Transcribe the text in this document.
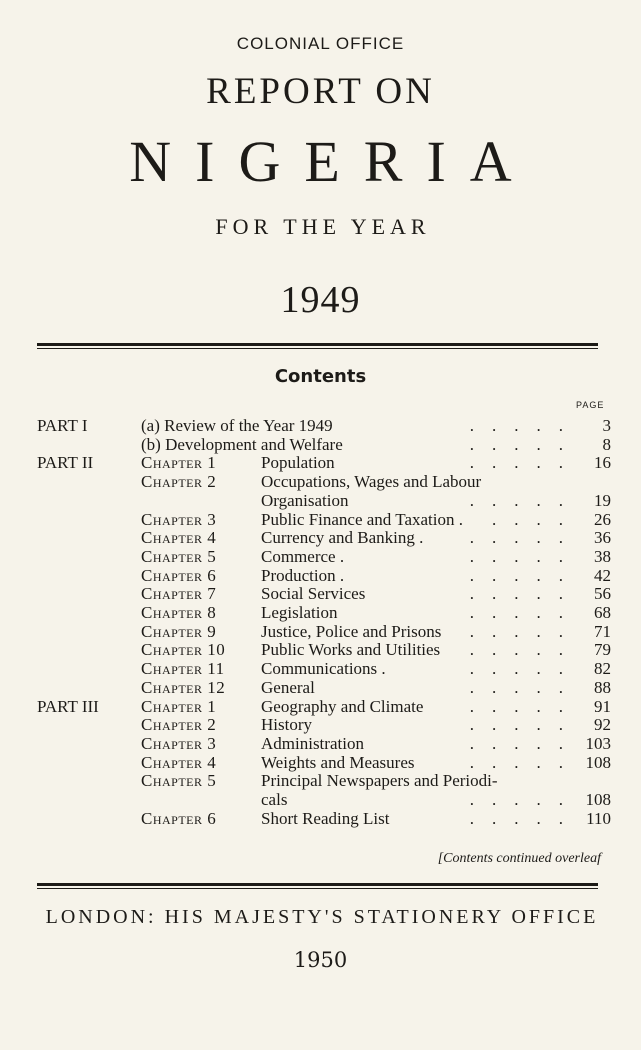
COLONIAL OFFICE
REPORT ON
NIGERIA
FOR THE YEAR
1949
Contents
PAGE
PART I	(a) Review of the Year 1949	..... 3
(b) Development and Welfare	..... 8
PART II	Chapter 1	Population	..... 16
Chapter 2	Occupations, Wages and Labour
Organisation	..... 19
Chapter 3	Public Finance and Taxation .	.... 26
Chapter 4	Currency and Banking .	..... 36
Chapter 5	Commerce .	..... 38
Chapter 6	Production .	..... 42
Chapter 7	Social Services	..... 56
Chapter 8	Legislation	..... 68
Chapter 9	Justice, Police and Prisons	..... 71
Chapter 10 Public Works and Utilities	..... 79
Chapter 11 Communications .	..... 82
Chapter 12 General	..... 88
PART III Chapter 1	Geography and Climate	..... 91
Chapter 2	History	..... 92
Chapter 3	Administration	..... 103
Chapter 4	Weights and Measures	..... 108
Chapter 5	Principal Newspapers and Periodi-
cals	..... 108
Chapter 6	Short Reading List	..... 110
[Contents continued overleaf
LONDON: HIS MAJESTY'S STATIONERY OFFICE
1950
